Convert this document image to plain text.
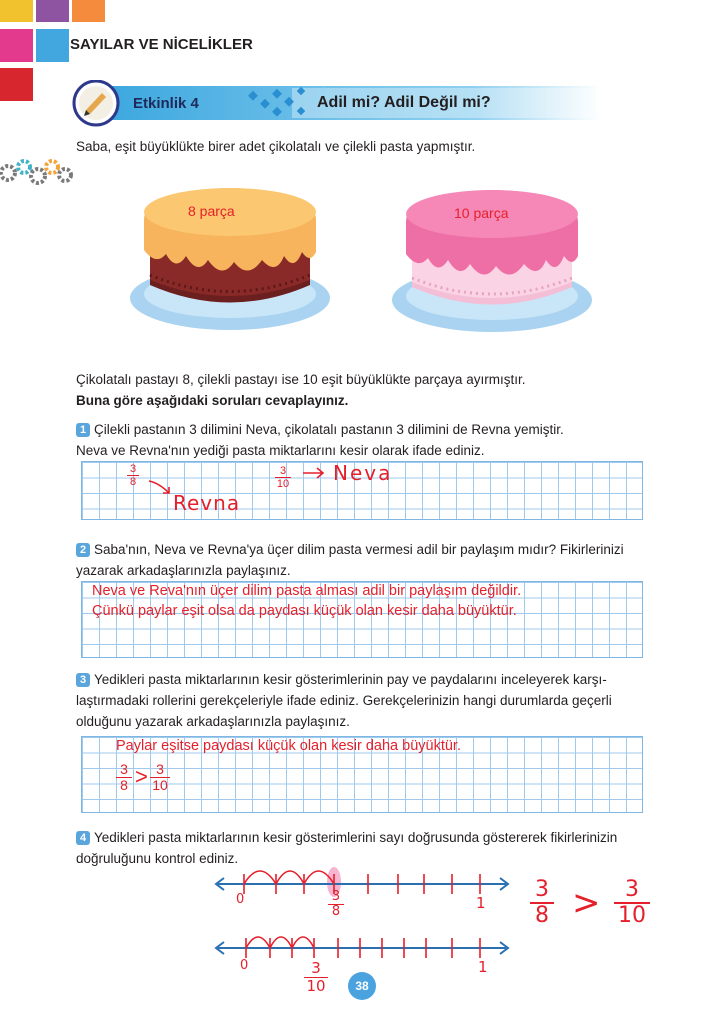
SAYILAR VE NİCELİKLER
Etkinlik 4	Adil mi? Adil Değil mi?
Saba, eşit büyüklükte birer adet çikolatalı ve çilekli pasta yapmıştır.
8 parça	10 parça
Çikolatalı pastayı 8, çilekli pastayı ise 10 eşit büyüklükte parçaya ayırmıştır.
Buna göre aşağıdaki soruları cevaplayınız.
1 Çilekli pastanın 3 dilimini Neva, çikolatalı pastanın 3 dilimini de Revna yemiştir.
Neva ve Revna'nın yediği pasta miktarlarını kesir olarak ifade ediniz.
$\frac{3}{8}$
Revna
$\frac{3}{10}$ Neva
2 Saba'nın, Neva ve Revna'ya üçer dilim pasta vermesi adil bir paylaşım mıdır? Fikirlerinizi
yazarak arkadaşlarınızla paylaşınız.
Neva ve Reva'nın üçer dilim pasta alması adil bir paylaşım değildir.
Çünkü paylar eşit olsa da paydası küçük olan kesir daha büyüktür.
3 Yedikleri pasta miktarlarının kesir gösterimlerinin pay ve paydalarını inceleyerek karşı-
laştırmadaki rollerini gerekçeleriyle ifade ediniz. Gerekçelerinizin hangi durumlarda geçerli
olduğunu yazarak arkadaşlarınızla paylaşınız.
Paylar eşitse paydası küçük olan kesir daha büyüktür.
$\frac{3}{8} > \frac{3}{10}$
4 Yedikleri pasta miktarlarının kesir gösterimlerini sayı doğrusunda göstererek fikirlerinizin
doğruluğunu kontrol ediniz.
0	$\frac{3}{8}$	1
0	$\frac{3}{10}$	1
3
8 >	3
10
38
